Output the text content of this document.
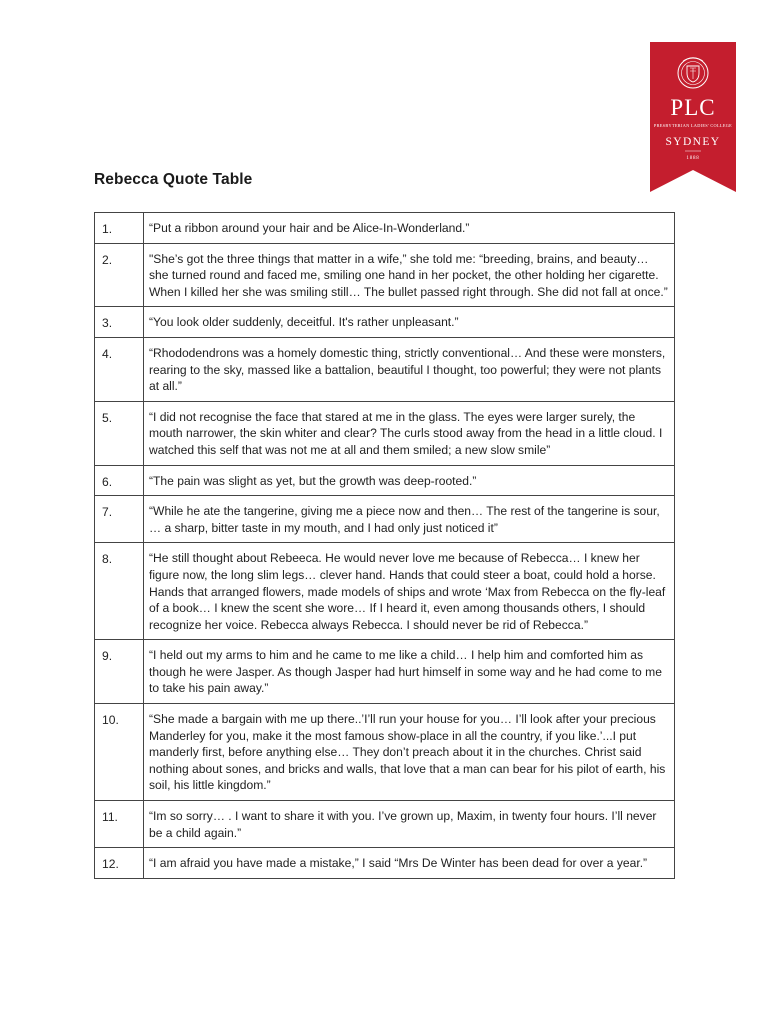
PLC
PRESBYTERIAN LADIES' COLLEGE
SYDNEY
1888
Rebecca Quote Table
1.	“Put a ribbon around your hair and be Alice-In-Wonderland.”
2.	"She’s got the three things that matter in a wife,” she told me: “breeding, brains, and beauty… she turned round and faced me, smiling one hand in her pocket, the other holding her cigarette. When I killed her she was smiling still… The bullet passed right through. She did not fall at once.”
3.	“You look older suddenly, deceitful. It's rather unpleasant.”
4.	“Rhododendrons was a homely domestic thing, strictly conventional… And these were monsters, rearing to the sky, massed like a battalion, beautiful I thought, too powerful; they were not plants at all.”
5.	“I did not recognise the face that stared at me in the glass. The eyes were larger surely, the mouth narrower, the skin whiter and clear? The curls stood away from the head in a little cloud. I watched this self that was not me at all and them smiled; a new slow smile”
6.	“The pain was slight as yet, but the growth was deep-rooted.”
7.	“While he ate the tangerine, giving me a piece now and then… The rest of the tangerine is sour, … a sharp, bitter taste in my mouth, and I had only just noticed it”
8.	“He still thought about Rebeeca. He would never love me because of Rebecca… I knew her figure now, the long slim legs… clever hand. Hands that could steer a boat, could hold a horse. Hands that arranged flowers, made models of ships and wrote ‘Max from Rebecca on the fly-leaf of a book… I knew the scent she wore… If I heard it, even among thousands others, I should recognize her voice. Rebecca always Rebecca. I should never be rid of Rebecca.”
9.	“I held out my arms to him and he came to me like a child… I help him and comforted him as though he were Jasper. As though Jasper had hurt himself in some way and he had come to me to take his pain away.”
10.	“She made a bargain with me up there..’I’ll run your house for you… I’ll look after your precious Manderley for you, make it the most famous show-place in all the country, if you like.’...I put manderly first, before anything else… They don’t preach about it in the churches. Christ said nothing about sones, and bricks and walls, that love that a man can bear for his pilot of earth, his soil, his little kingdom.”
11.	“Im so sorry… . I want to share it with you. I’ve grown up, Maxim, in twenty four hours. I’ll never be a child again.”
12.	“I am afraid you have made a mistake,” I said “Mrs De Winter has been dead for over a year.”
